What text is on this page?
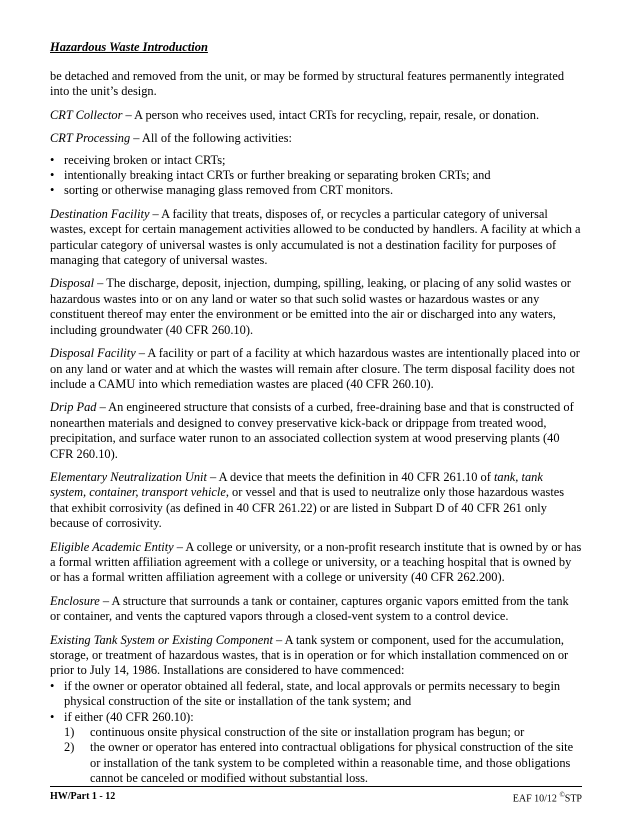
Hazardous Waste Introduction

be detached and removed from the unit, or may be formed by structural features permanently integrated into the unit’s design.

CRT Collector – A person who receives used, intact CRTs for recycling, repair, resale, or donation.

CRT Processing – All of the following activities:

• receiving broken or intact CRTs;
• intentionally breaking intact CRTs or further breaking or separating broken CRTs; and
• sorting or otherwise managing glass removed from CRT monitors.

Destination Facility – A facility that treats, disposes of, or recycles a particular category of universal wastes, except for certain management activities allowed to be conducted by handlers. A facility at which a particular category of universal wastes is only accumulated is not a destination facility for purposes of managing that category of universal wastes.

Disposal – The discharge, deposit, injection, dumping, spilling, leaking, or placing of any solid wastes or hazardous wastes into or on any land or water so that such solid wastes or hazardous wastes or any constituent thereof may enter the environment or be emitted into the air or discharged into any waters, including groundwater (40 CFR 260.10).

Disposal Facility – A facility or part of a facility at which hazardous wastes are intentionally placed into or on any land or water and at which the wastes will remain after closure. The term disposal facility does not include a CAMU into which remediation wastes are placed (40 CFR 260.10).

Drip Pad – An engineered structure that consists of a curbed, free-draining base and that is constructed of nonearthen materials and designed to convey preservative kick-back or drippage from treated wood, precipitation, and surface water runon to an associated collection system at wood preserving plants (40 CFR 260.10).

Elementary Neutralization Unit – A device that meets the definition in 40 CFR 261.10 of tank, tank system, container, transport vehicle, or vessel and that is used to neutralize only those hazardous wastes that exhibit corrosivity (as defined in 40 CFR 261.22) or are listed in Subpart D of 40 CFR 261 only because of corrosivity.

Eligible Academic Entity – A college or university, or a non-profit research institute that is owned by or has a formal written affiliation agreement with a college or university, or a teaching hospital that is owned by or has a formal written affiliation agreement with a college or university (40 CFR 262.200).

Enclosure – A structure that surrounds a tank or container, captures organic vapors emitted from the tank or container, and vents the captured vapors through a closed-vent system to a control device.

Existing Tank System or Existing Component – A tank system or component, used for the accumulation, storage, or treatment of hazardous wastes, that is in operation or for which installation commenced on or prior to July 14, 1986. Installations are considered to have commenced:

• if the owner or operator obtained all federal, state, and local approvals or permits necessary to begin physical construction of the site or installation of the tank system; and
• if either (40 CFR 260.10):
1) continuous onsite physical construction of the site or installation program has begun; or
2) the owner or operator has entered into contractual obligations for physical construction of the site or installation of the tank system to be completed within a reasonable time, and those obligations cannot be canceled or modified without substantial loss.
HW/Part 1 - 12	EAF 10/12 ©STP
